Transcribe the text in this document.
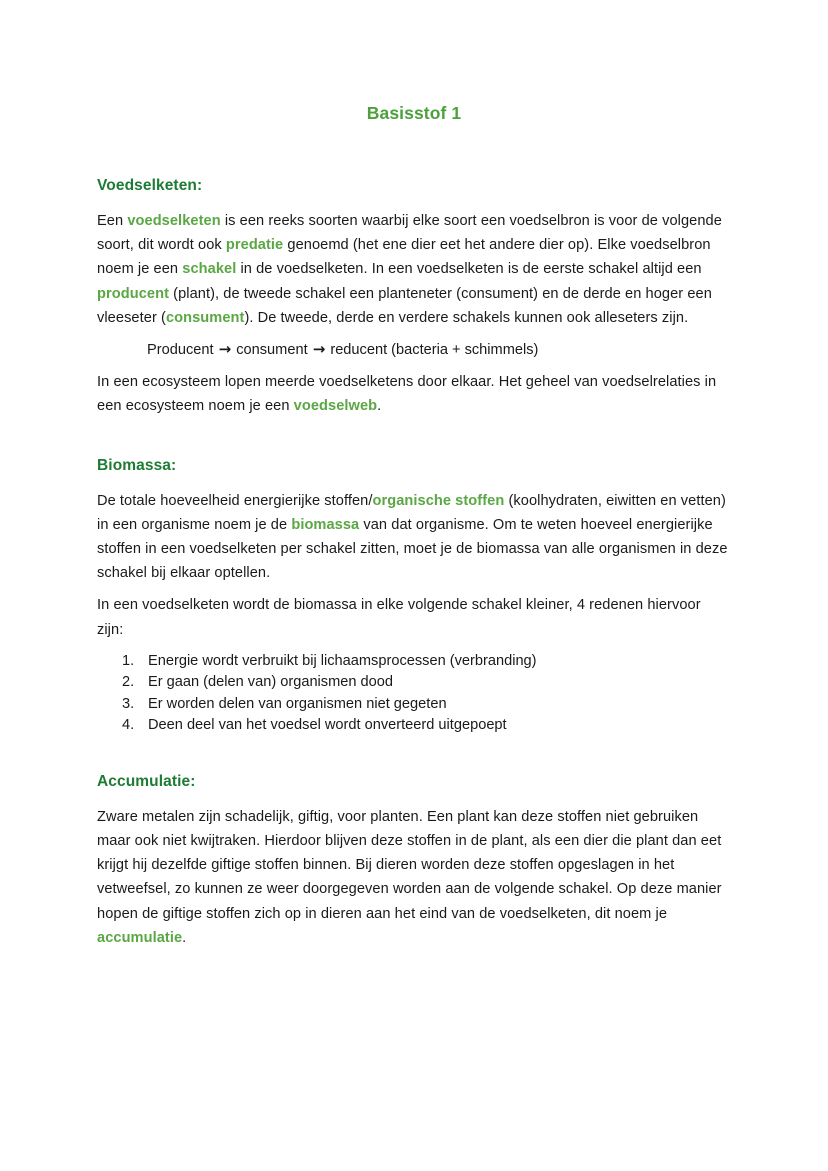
Basisstof 1
Voedselketen:

Een voedselketen is een reeks soorten waarbij elke soort een voedselbron is voor de volgende soort, dit wordt ook predatie genoemd (het ene dier eet het andere dier op). Elke voedselbron noem je een schakel in de voedselketen. In een voedselketen is de eerste schakel altijd een producent (plant), de tweede schakel een planteneter (consument) en de derde en hoger een vleeseter (consument). De tweede, derde en verdere schakels kunnen ook alleseters zijn.

Producent → consument → reducent (bacteria + schimmels)

In een ecosysteem lopen meerde voedselketens door elkaar. Het geheel van voedselrelaties in een ecosysteem noem je een voedselweb.

Biomassa:

De totale hoeveelheid energierijke stoffen/organische stoffen (koolhydraten, eiwitten en vetten) in een organisme noem je de biomassa van dat organisme. Om te weten hoeveel energierijke stoffen in een voedselketen per schakel zitten, moet je de biomassa van alle organismen in deze schakel bij elkaar optellen.

In een voedselketen wordt de biomassa in elke volgende schakel kleiner, 4 redenen hiervoor zijn:

Energie wordt verbruikt bij lichaamsprocessen (verbranding)
Er gaan (delen van) organismen dood
Er worden delen van organismen niet gegeten
Deen deel van het voedsel wordt onverteerd uitgepoept
Accumulatie:

Zware metalen zijn schadelijk, giftig, voor planten. Een plant kan deze stoffen niet gebruiken maar ook niet kwijtraken. Hierdoor blijven deze stoffen in de plant, als een dier die plant dan eet krijgt hij dezelfde giftige stoffen binnen. Bij dieren worden deze stoffen opgeslagen in het vetweefsel, zo kunnen ze weer doorgegeven worden aan de volgende schakel. Op deze manier hopen de giftige stoffen zich op in dieren aan het eind van de voedselketen, dit noem je accumulatie.
